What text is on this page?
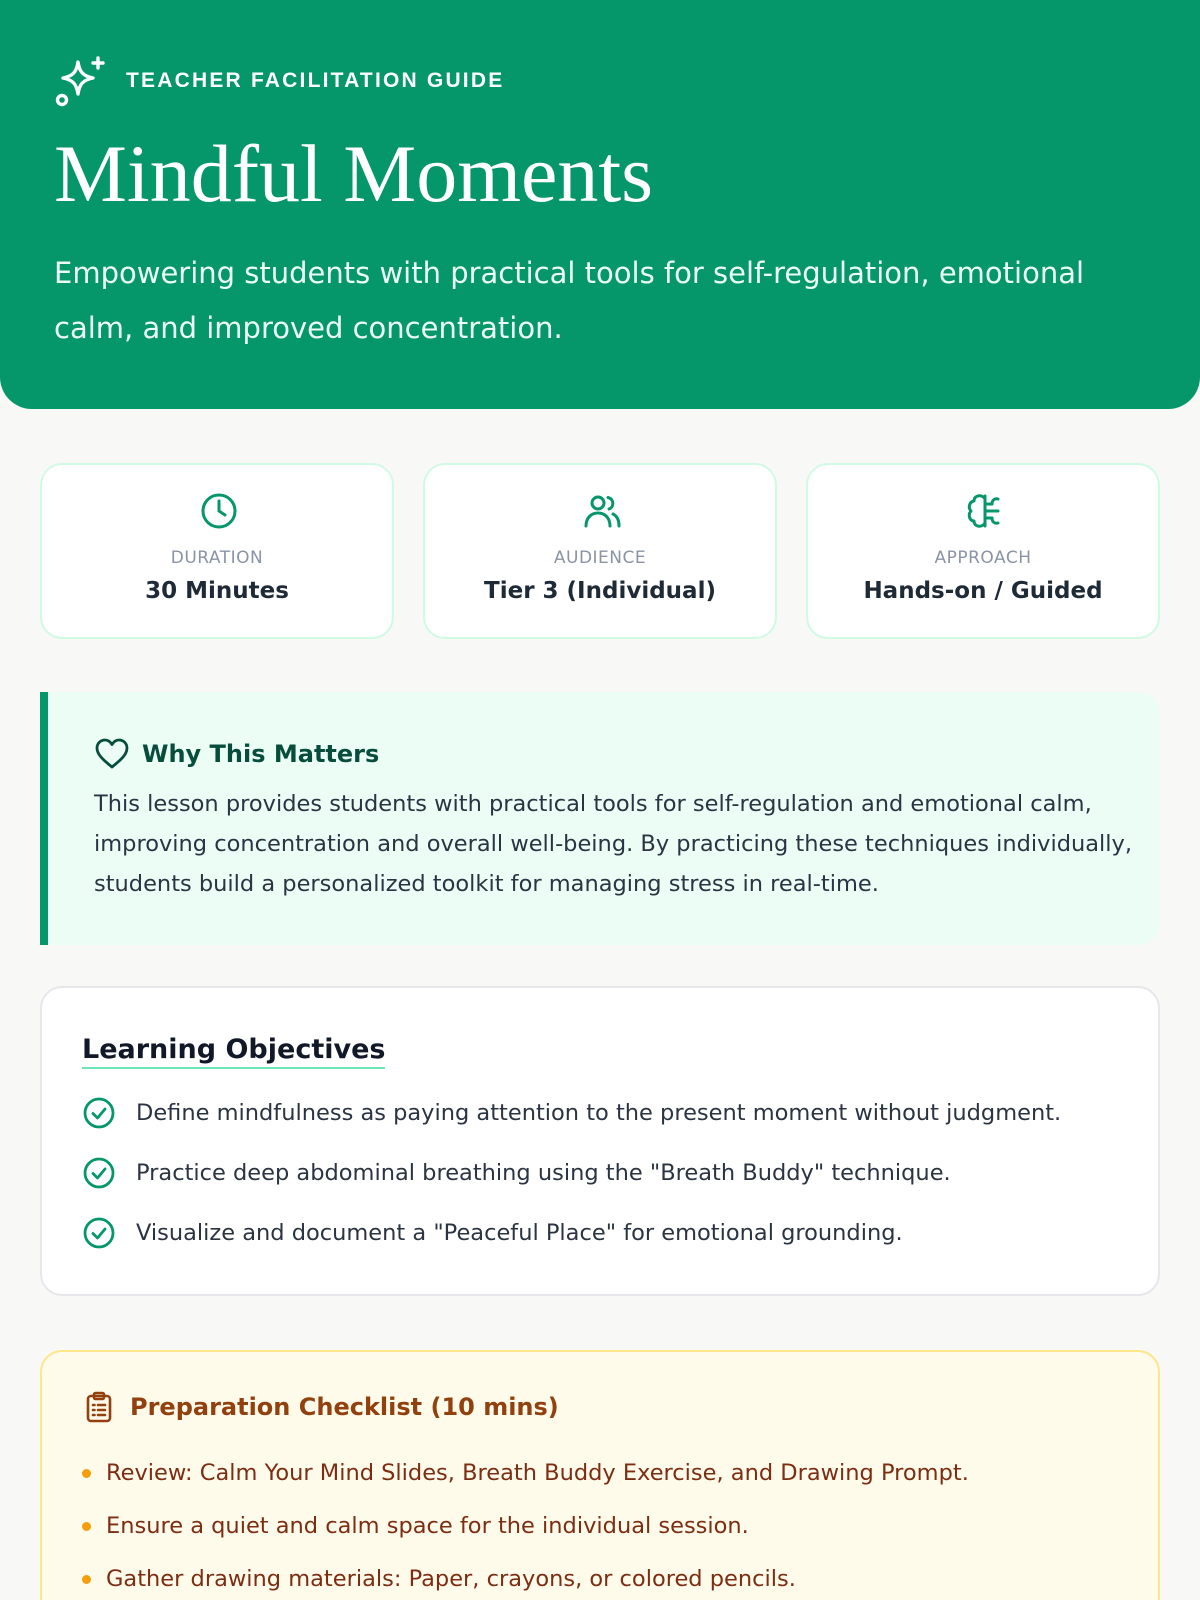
TEACHER FACILITATION GUIDE
Mindful Moments

Empowering students with practical tools for self-regulation, emotional calm, and improved concentration.

DURATION
30 Minutes
AUDIENCE
Tier 3 (Individual)
APPROACH
Hands-on / Guided
Why This Matters

This lesson provides students with practical tools for self-regulation and emotional calm, improving concentration and overall well-being. By practicing these techniques individually, students build a personalized toolkit for managing stress in real-time.

Learning Objectives
Define mindfulness as paying attention to the present moment without judgment.
Practice deep abdominal breathing using the "Breath Buddy" technique.
Visualize and document a "Peaceful Place" for emotional grounding.
Preparation Checklist (10 mins)
Review: Calm Your Mind Slides, Breath Buddy Exercise, and Drawing Prompt.
Ensure a quiet and calm space for the individual session.
Gather drawing materials: Paper, crayons, or colored pencils.
